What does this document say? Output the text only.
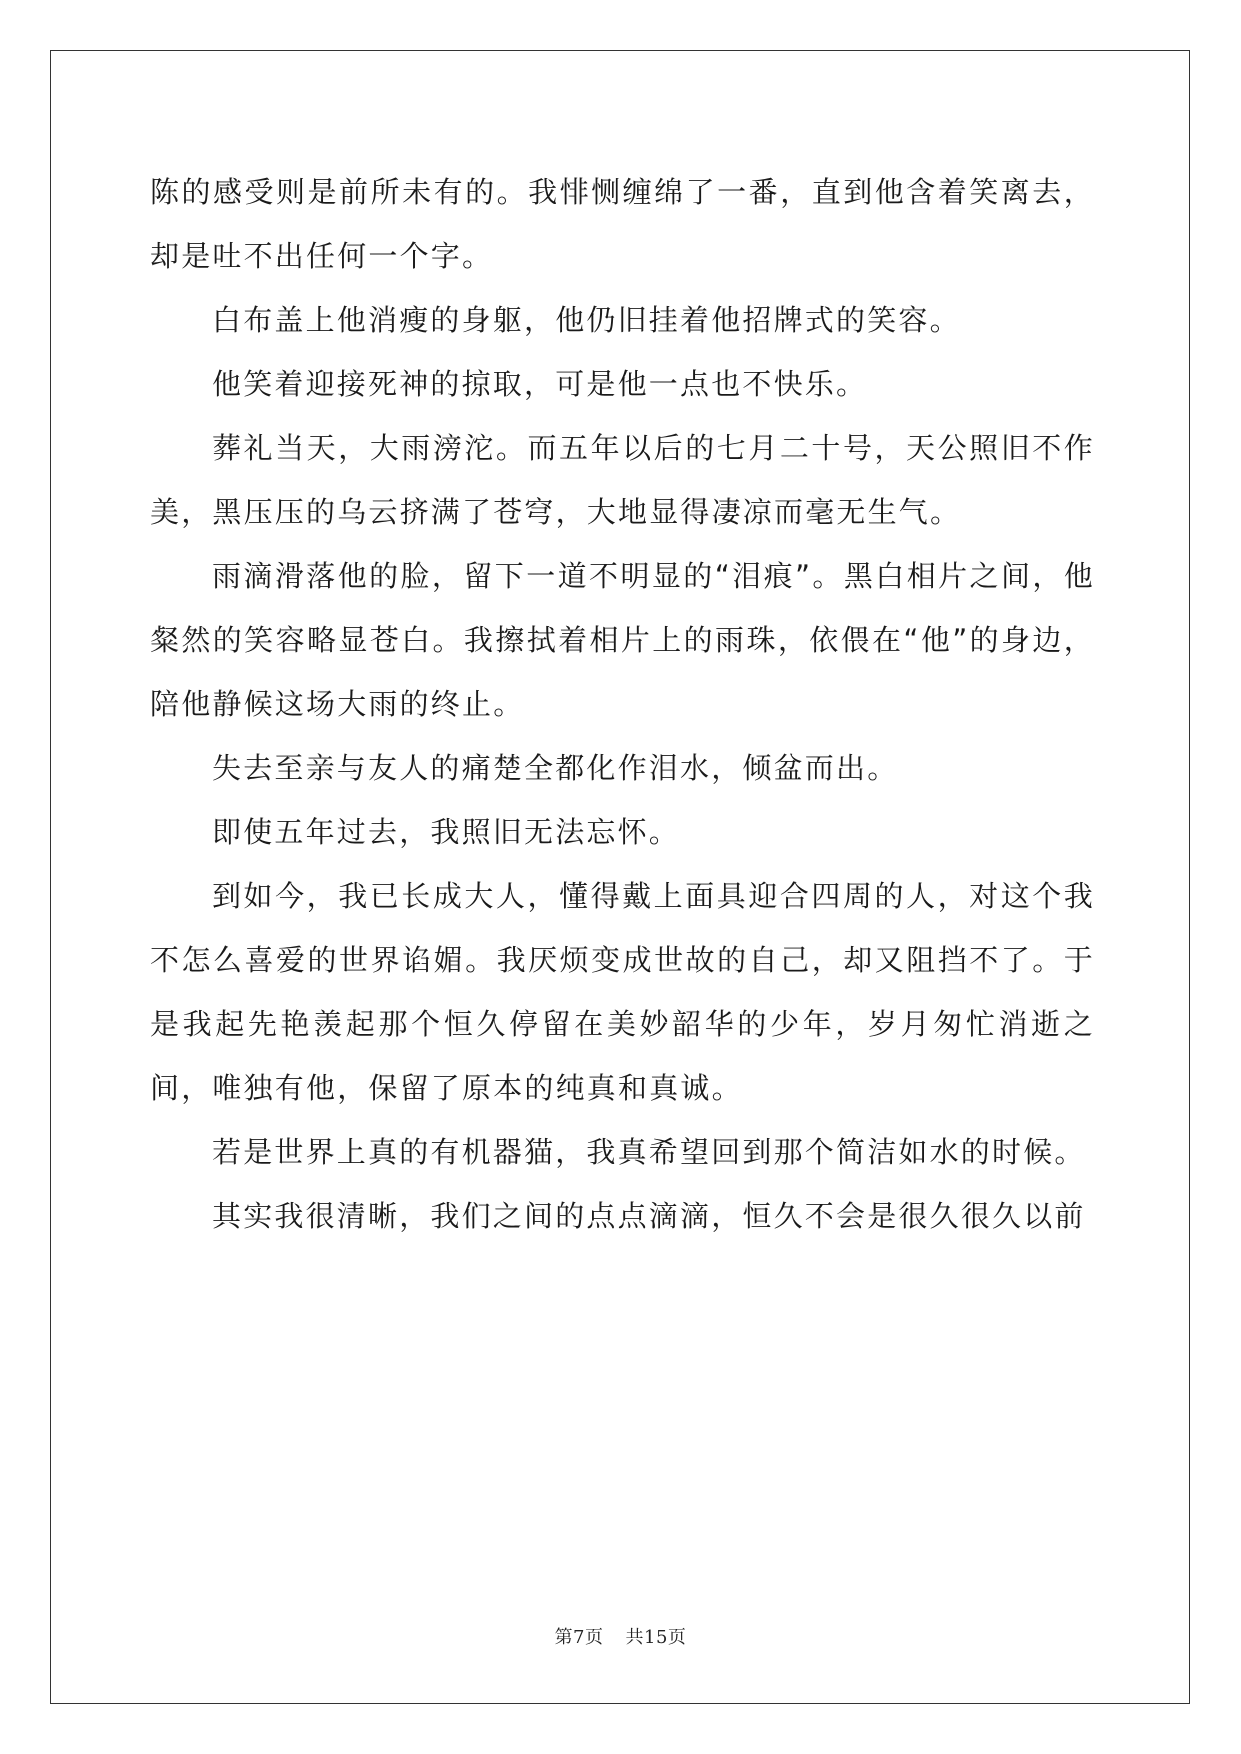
陈的感受则是前所未有的。我悱恻缠绵了一番，直到他含着笑离去，却是吐不出任何一个字。

白布盖上他消瘦的身躯，他仍旧挂着他招牌式的笑容。

他笑着迎接死神的掠取，可是他一点也不快乐。

葬礼当天，大雨滂沱。而五年以后的七月二十号，天公照旧不作美，黑压压的乌云挤满了苍穹，大地显得凄凉而毫无生气。

雨滴滑落他的脸，留下一道不明显的“泪痕”。黑白相片之间，他粲然的笑容略显苍白。我擦拭着相片上的雨珠，依偎在“他”的身边，陪他静候这场大雨的终止。

失去至亲与友人的痛楚全都化作泪水，倾盆而出。

即使五年过去，我照旧无法忘怀。

到如今，我已长成大人，懂得戴上面具迎合四周的人，对这个我不怎么喜爱的世界谄媚。我厌烦变成世故的自己，却又阻挡不了。于是我起先艳羡起那个恒久停留在美妙韶华的少年，岁月匆忙消逝之间，唯独有他，保留了原本的纯真和真诚。

若是世界上真的有机器猫，我真希望回到那个简洁如水的时候。

其实我很清晰，我们之间的点点滴滴，恒久不会是很久很久以前

第7页 共15页
